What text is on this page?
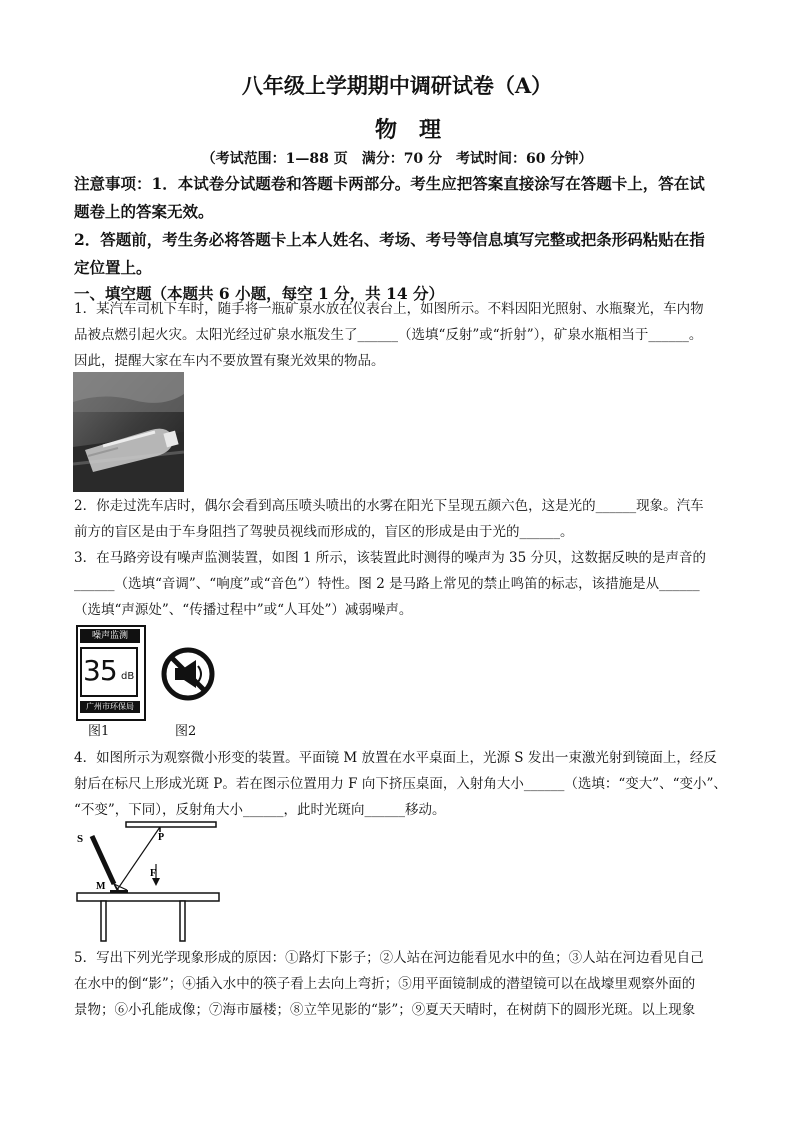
八年级上学期期中调研试卷（A）
物理
（考试范围：1—88 页　满分：70 分　考试时间：60 分钟）
注意事项：1．本试卷分试题卷和答题卡两部分。考生应把答案直接涂写在答题卡上，答在试
题卷上的答案无效。
2．答题前，考生务必将答题卡上本人姓名、考场、考号等信息填写完整或把条形码粘贴在指
定位置上。
一、填空题（本题共 6 小题，每空 1 分，共 14 分）
1．某汽车司机下车时，随手将一瓶矿泉水放在仪表台上，如图所示。不料因阳光照射、水瓶聚光，车内物
品被点燃引起火灾。太阳光经过矿泉水瓶发生了______（选填“反射”或“折射”），矿泉水瓶相当于______。
因此，提醒大家在车内不要放置有聚光效果的物品。
2．你走过洗车店时，偶尔会看到高压喷头喷出的水雾在阳光下呈现五颜六色，这是光的______现象。汽车
前方的盲区是由于车身阻挡了驾驶员视线而形成的，盲区的形成是由于光的______。
3．在马路旁设有噪声监测装置，如图 1 所示，该装置此时测得的噪声为 35 分贝，这数据反映的是声音的
______（选填“音调”、“响度”或“音色”）特性。图 2 是马路上常见的禁止鸣笛的标志，该措施是从______
（选填“声源处”、“传播过程中”或“人耳处”）减弱噪声。
噪声监测
35 dB
广州市环保局
图1	图2
4．如图所示为观察微小形变的装置。平面镜 M 放置在水平桌面上，光源 S 发出一束激光射到镜面上，经反
射后在标尺上形成光斑 P。若在图示位置用力 F 向下挤压桌面，入射角大小______（选填：“变大”、“变小”、
“不变”，下同），反射角大小______，此时光斑向______移动。
S	P
M
F
5．写出下列光学现象形成的原因：①路灯下影子；②人站在河边能看见水中的鱼；③人站在河边看见自己
在水中的倒“影”；④插入水中的筷子看上去向上弯折；⑤用平面镜制成的潜望镜可以在战壕里观察外面的
景物；⑥小孔能成像；⑦海市蜃楼；⑧立竿见影的“影”；⑨夏天天晴时，在树荫下的圆形光斑。以上现象
